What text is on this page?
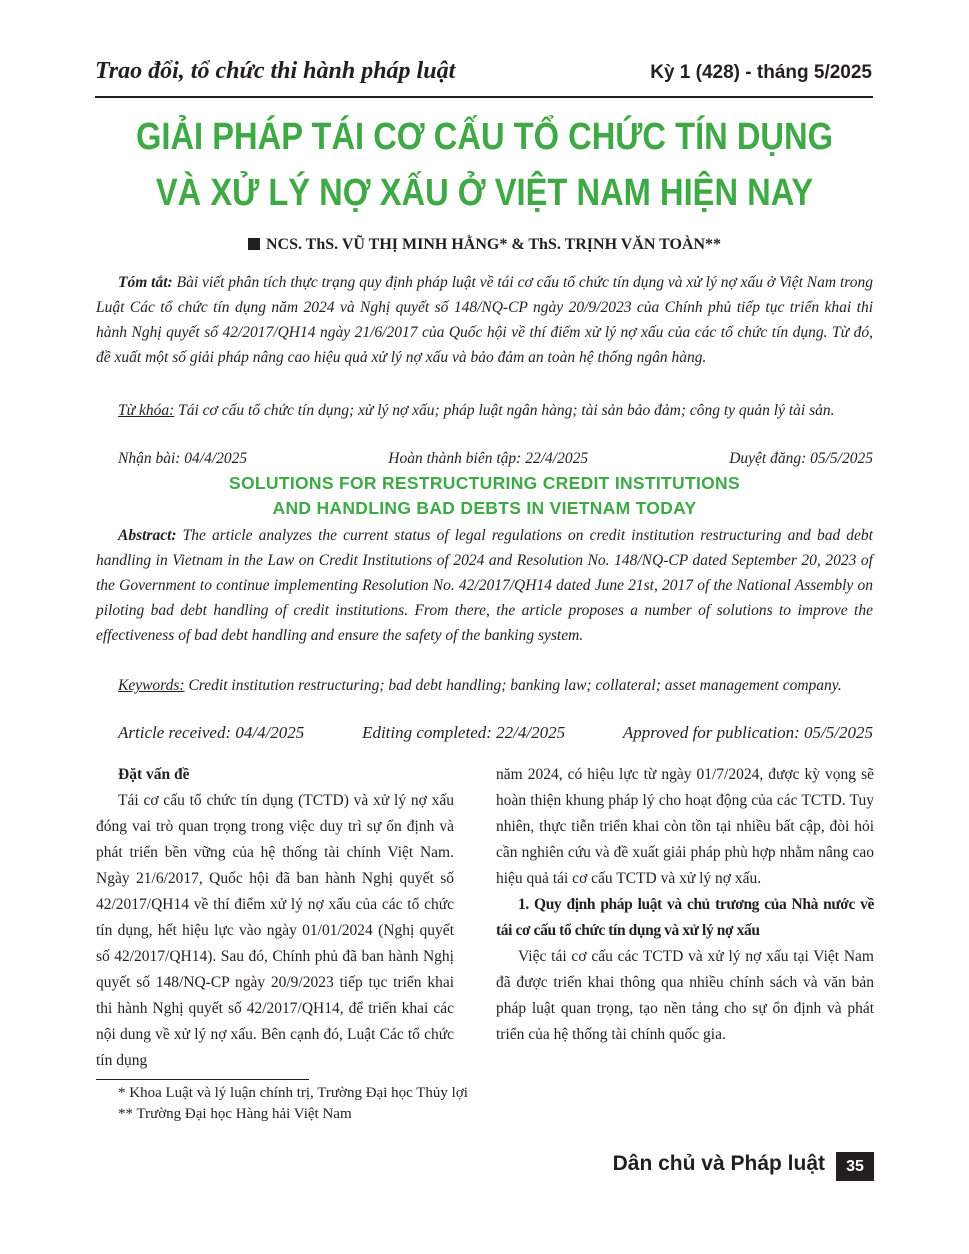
Trao đổi, tổ chức thi hành pháp luật	Kỳ 1 (428) - tháng 5/2025
GIẢI PHÁP TÁI CƠ CẤU TỔ CHỨC TÍN DỤNG
VÀ XỬ LÝ NỢ XẤU Ở VIỆT NAM HIỆN NAY
NCS. ThS. VŨ THỊ MINH HẰNG* & ThS. TRỊNH VĂN TOÀN**
Tóm tắt: Bài viết phân tích thực trạng quy định pháp luật về tái cơ cấu tổ chức tín dụng và xử lý nợ xấu ở Việt Nam trong Luật Các tổ chức tín dụng năm 2024 và Nghị quyết số 148/NQ-CP ngày 20/9/2023 của Chính phủ tiếp tục triển khai thi hành Nghị quyết số 42/2017/QH14 ngày 21/6/2017 của Quốc hội về thí điểm xử lý nợ xấu của các tổ chức tín dụng. Từ đó, đề xuất một số giải pháp nâng cao hiệu quả xử lý nợ xấu và bảo đảm an toàn hệ thống ngân hàng.
Từ khóa: Tái cơ cấu tổ chức tín dụng; xử lý nợ xấu; pháp luật ngân hàng; tài sản bảo đảm; công ty quản lý tài sản.
Nhận bài: 04/4/2025	Hoàn thành biên tập: 22/4/2025	Duyệt đăng: 05/5/2025
SOLUTIONS FOR RESTRUCTURING CREDIT INSTITUTIONS
AND HANDLING BAD DEBTS IN VIETNAM TODAY
Abstract: The article analyzes the current status of legal regulations on credit institution restructuring and bad debt handling in Vietnam in the Law on Credit Institutions of 2024 and Resolution No. 148/NQ-CP dated September 20, 2023 of the Government to continue implementing Resolution No. 42/2017/QH14 dated June 21st, 2017 of the National Assembly on piloting bad debt handling of credit institutions. From there, the article proposes a number of solutions to improve the effectiveness of bad debt handling and ensure the safety of the banking system.
Keywords: Credit institution restructuring; bad debt handling; banking law; collateral; asset management company.
Article received: 04/4/2025	Editing completed: 22/4/2025	Approved for publication: 05/5/2025
Đặt vấn đề

Tái cơ cấu tổ chức tín dụng (TCTD) và xử lý nợ xấu đóng vai trò quan trọng trong việc duy trì sự ổn định và phát triển bền vững của hệ thống tài chính Việt Nam. Ngày 21/6/2017, Quốc hội đã ban hành Nghị quyết số 42/2017/QH14 về thí điểm xử lý nợ xấu của các tổ chức tín dụng, hết hiệu lực vào ngày 01/01/2024 (Nghị quyết số 42/2017/QH14). Sau đó, Chính phủ đã ban hành Nghị quyết số 148/NQ-CP ngày 20/9/2023 tiếp tục triển khai thi hành Nghị quyết số 42/2017/QH14, để triển khai các nội dung về xử lý nợ xấu. Bên cạnh đó, Luật Các tổ chức tín dụng

năm 2024, có hiệu lực từ ngày 01/7/2024, được kỳ vọng sẽ hoàn thiện khung pháp lý cho hoạt động của các TCTD. Tuy nhiên, thực tiễn triển khai còn tồn tại nhiều bất cập, đòi hỏi cần nghiên cứu và đề xuất giải pháp phù hợp nhằm nâng cao hiệu quả tái cơ cấu TCTD và xử lý nợ xấu.

1. Quy định pháp luật và chủ trương của Nhà nước về tái cơ cấu tổ chức tín dụng và xử lý nợ xấu

Việc tái cơ cấu các TCTD và xử lý nợ xấu tại Việt Nam đã được triển khai thông qua nhiều chính sách và văn bản pháp luật quan trọng, tạo nền tảng cho sự ổn định và phát triển của hệ thống tài chính quốc gia.

* Khoa Luật và lý luận chính trị, Trường Đại học Thủy lợi
** Trường Đại học Hàng hải Việt Nam
Dân chủ và Pháp luật	35
